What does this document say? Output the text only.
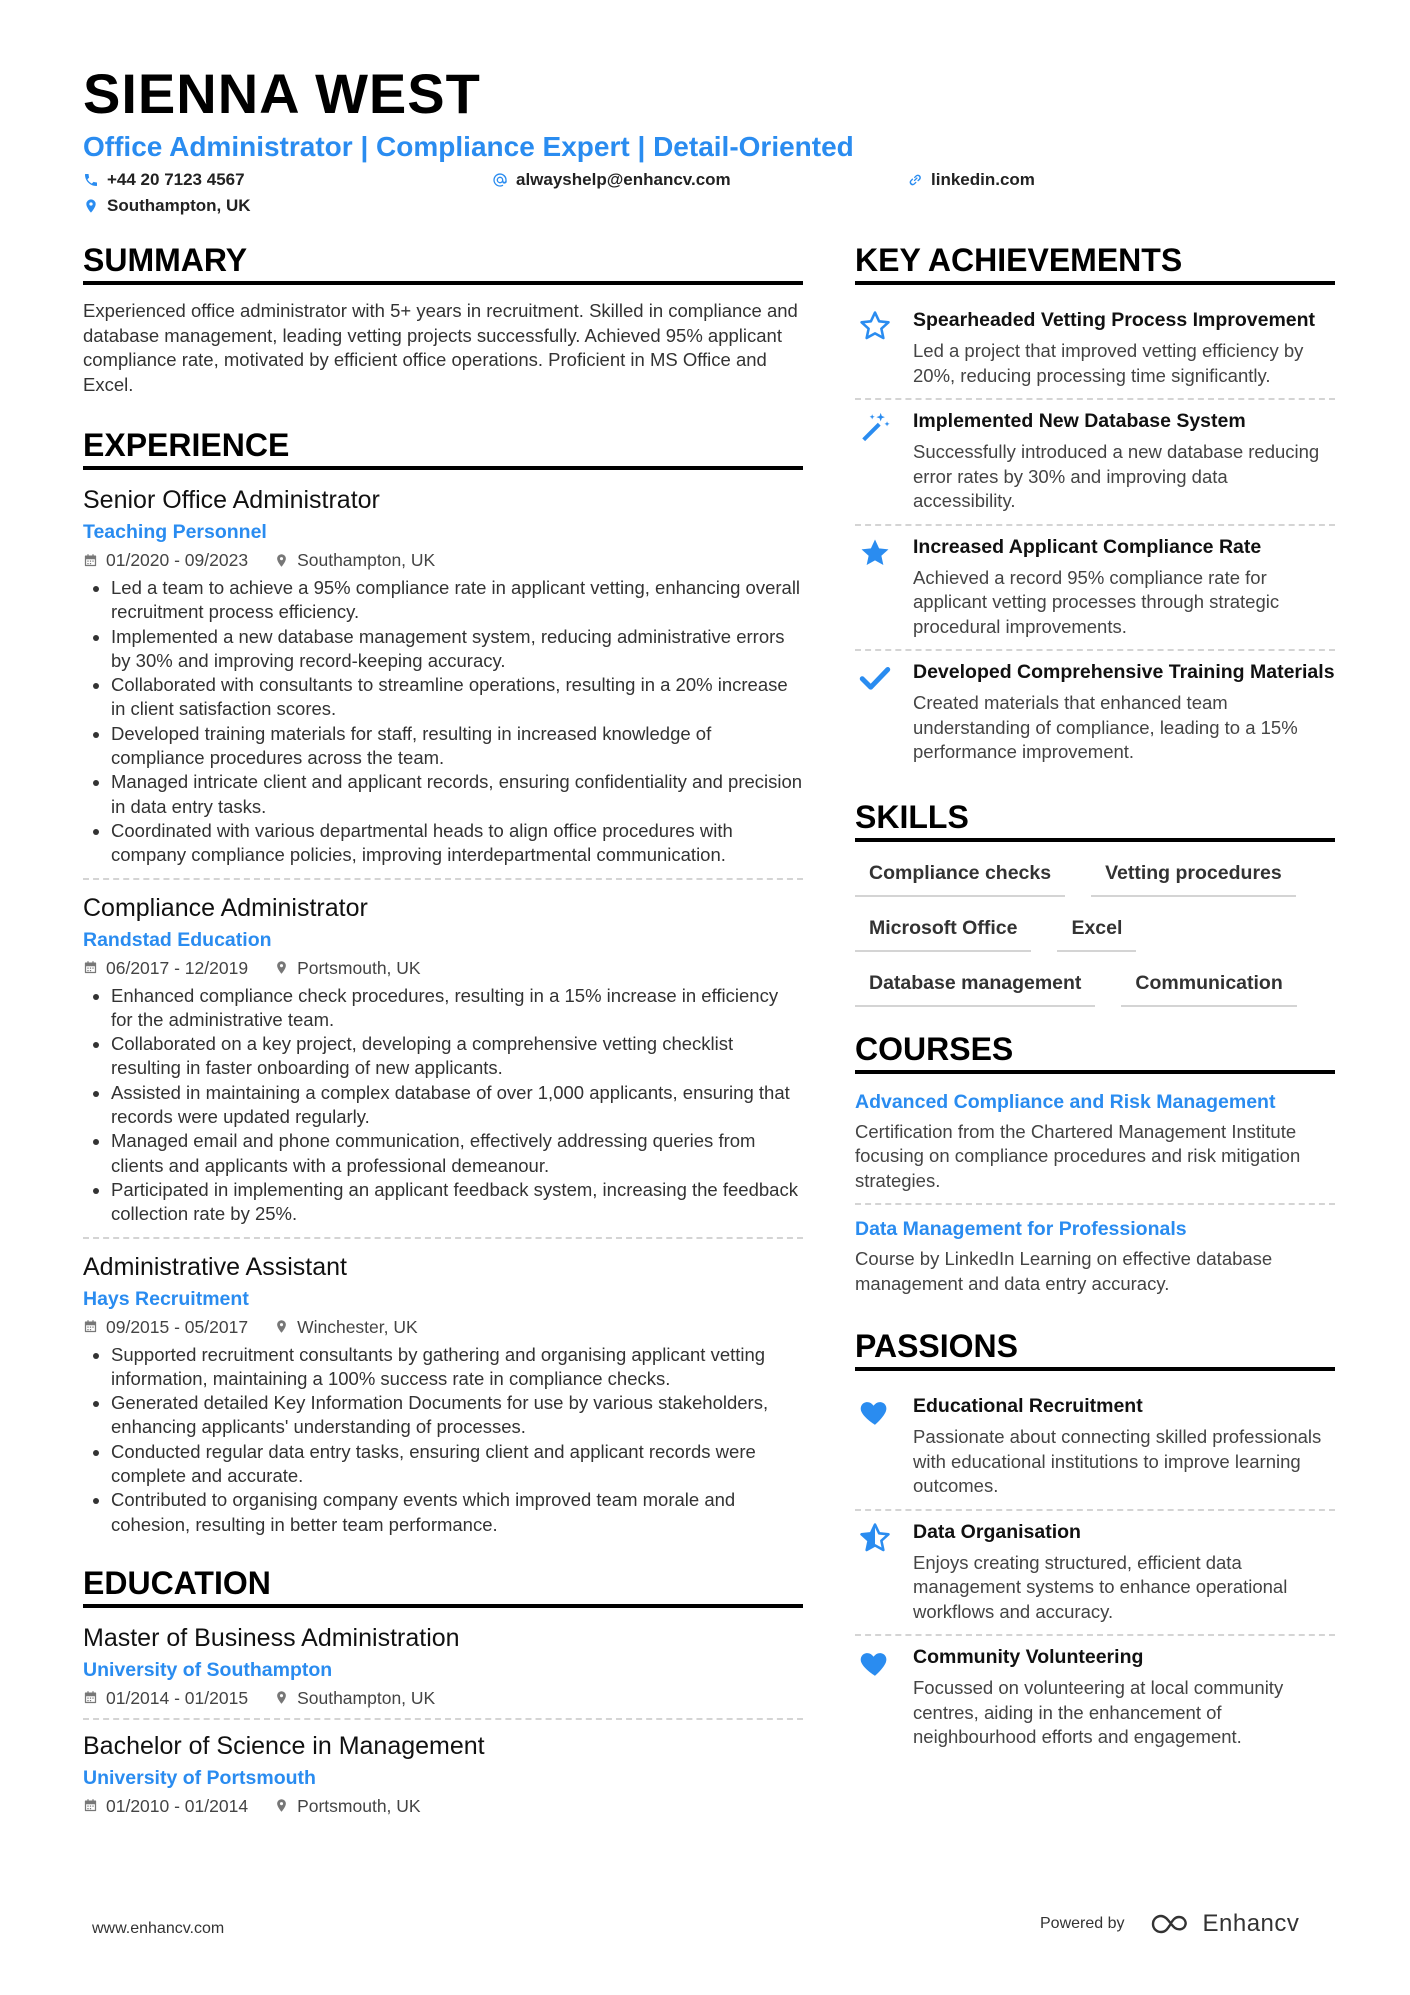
SIENNA WEST
Office Administrator | Compliance Expert | Detail-Oriented
+44 20 7123 4567	alwayshelp@enhancv.com	linkedin.com
Southampton, UK
SUMMARY

Experienced office administrator with 5+ years in recruitment. Skilled in compliance and database management, leading vetting projects successfully. Achieved 95% applicant compliance rate, motivated by efficient office operations. Proficient in MS Office and Excel.

EXPERIENCE
Senior Office Administrator
Teaching Personnel
01/2020 - 09/2023	Southampton, UK
• Led a team to achieve a 95% compliance rate in applicant vetting, enhancing overall recruitment process efficiency.
• Implemented a new database management system, reducing administrative errors by 30% and improving record-keeping accuracy.
• Collaborated with consultants to streamline operations, resulting in a 20% increase in client satisfaction scores.
• Developed training materials for staff, resulting in increased knowledge of compliance procedures across the team.
• Managed intricate client and applicant records, ensuring confidentiality and precision in data entry tasks.
• Coordinated with various departmental heads to align office procedures with company compliance policies, improving interdepartmental communication.
Compliance Administrator
Randstad Education
06/2017 - 12/2019	Portsmouth, UK
• Enhanced compliance check procedures, resulting in a 15% increase in efficiency for the administrative team.
• Collaborated on a key project, developing a comprehensive vetting checklist resulting in faster onboarding of new applicants.
• Assisted in maintaining a complex database of over 1,000 applicants, ensuring that records were updated regularly.
• Managed email and phone communication, effectively addressing queries from clients and applicants with a professional demeanour.
• Participated in implementing an applicant feedback system, increasing the feedback collection rate by 25%.
Administrative Assistant
Hays Recruitment
09/2015 - 05/2017	Winchester, UK
• Supported recruitment consultants by gathering and organising applicant vetting information, maintaining a 100% success rate in compliance checks.
• Generated detailed Key Information Documents for use by various stakeholders, enhancing applicants' understanding of processes.
• Conducted regular data entry tasks, ensuring client and applicant records were complete and accurate.
• Contributed to organising company events which improved team morale and cohesion, resulting in better team performance.
EDUCATION
Master of Business Administration
University of Southampton
01/2014 - 01/2015	Southampton, UK
Bachelor of Science in Management
University of Portsmouth
01/2010 - 01/2014	Portsmouth, UK
KEY ACHIEVEMENTS
Spearheaded Vetting Process Improvement
Led a project that improved vetting efficiency by 20%, reducing processing time significantly.
Implemented New Database System
Successfully introduced a new database reducing error rates by 30% and improving data accessibility.
Increased Applicant Compliance Rate
Achieved a record 95% compliance rate for applicant vetting processes through strategic procedural improvements.
Developed Comprehensive Training Materials
Created materials that enhanced team understanding of compliance, leading to a 15% performance improvement.
SKILLS
Compliance checks	Vetting procedures
Microsoft Office	Excel
Database management	Communication
COURSES
Advanced Compliance and Risk Management
Certification from the Chartered Management Institute focusing on compliance procedures and risk mitigation strategies.
Data Management for Professionals
Course by LinkedIn Learning on effective database management and data entry accuracy.
PASSIONS
Educational Recruitment
Passionate about connecting skilled professionals with educational institutions to improve learning outcomes.
Data Organisation
Enjoys creating structured, efficient data management systems to enhance operational workflows and accuracy.
Community Volunteering
Focussed on volunteering at local community centres, aiding in the enhancement of neighbourhood efforts and engagement.
www.enhancv.com	Powered by	Enhancv
